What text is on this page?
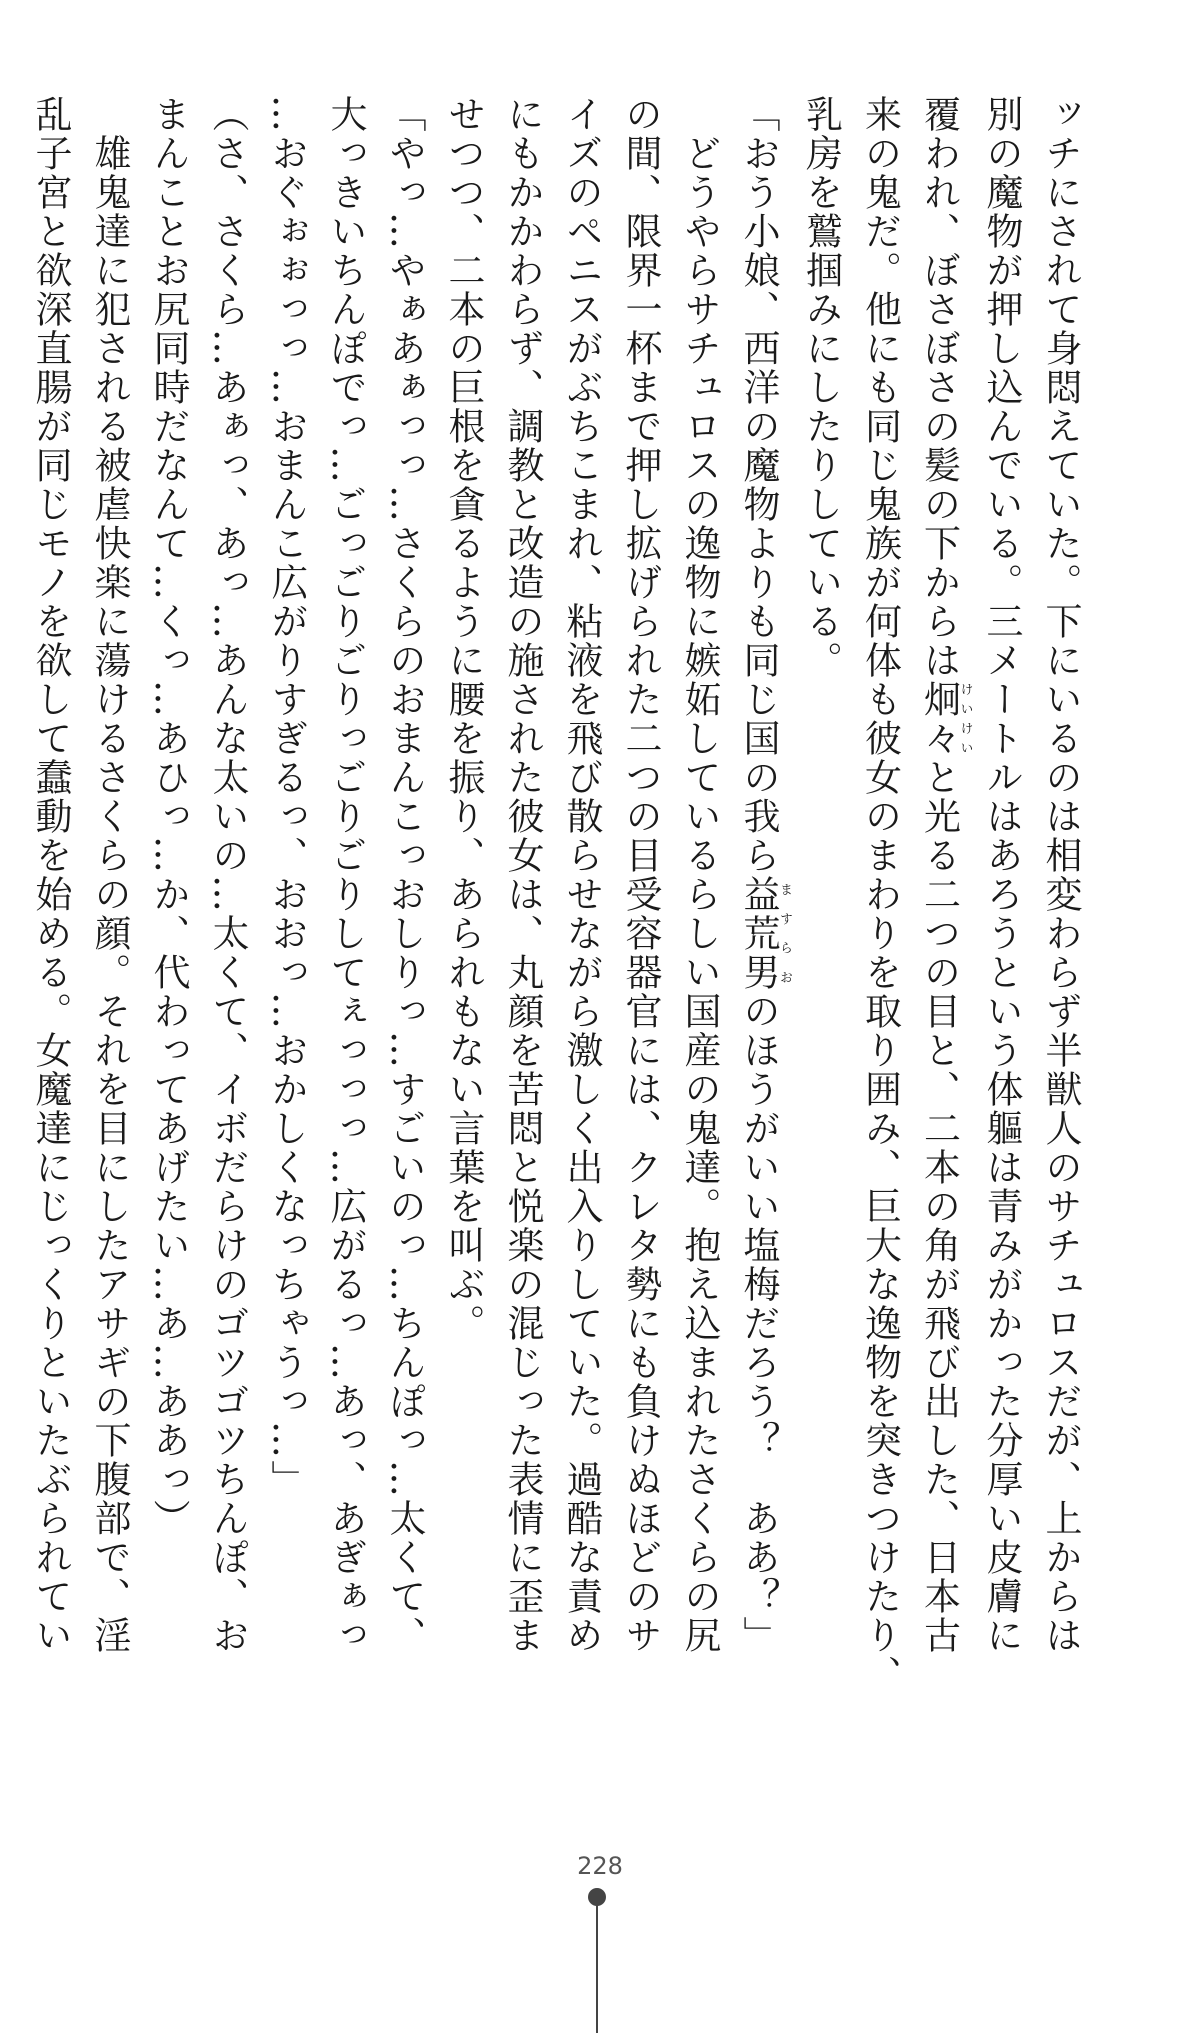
ッチにされて身悶えていた。下にいるのは相変わらず半獣人のサチュロスだが、上からは

別の魔物が押し込んでいる。三メートルはあろうという体軀は青みがかった分厚い皮膚に

覆われ、ぼさぼさの髪の下からは炯々けいけいと光る二つの目と、二本の角が飛び出した、日本古

来の鬼だ。他にも同じ鬼族が何体も彼女のまわりを取り囲み、巨大な逸物を突きつけたり、

乳房を鷲掴みにしたりしている。

「おう小娘、西洋の魔物よりも同じ国の我ら益荒男ますらおのほうがいい塩梅だろう？　ああ？」

　どうやらサチュロスの逸物に嫉妬しているらしい国産の鬼達。抱え込まれたさくらの尻

の間、限界一杯まで押し拡げられた二つの目受容器官には、クレタ勢にも負けぬほどのサ

イズのペニスがぶちこまれ、粘液を飛び散らせながら激しく出入りしていた。過酷な責め

にもかかわらず、調教と改造の施された彼女は、丸顔を苦悶と悦楽の混じった表情に歪ま

せつつ、二本の巨根を貪るように腰を振り、あられもない言葉を叫ぶ。

「やっ…やぁあぁっっ…さくらのおまんこっおしりっ…すごいのっ…ちんぽっ…太くて、

大っきいちんぽでっ…ごっごりごりっごりごりしてぇっっっ…広がるっ…あっ、あぎぁっ

…おぐぉぉっっ…おまんこ広がりすぎるっ、おおっ…おかしくなっちゃうっ…」

（さ、さくら…あぁっ、あっ…あんな太いの…太くて、イボだらけのゴツゴツちんぽ、お

まんことお尻同時だなんて…くっ…あひっ…か、代わってあげたい…あ…ああっ）

　雄鬼達に犯される被虐快楽に蕩けるさくらの顔。それを目にしたアサギの下腹部で、淫

乱子宮と欲深直腸が同じモノを欲して蠢動を始める。女魔達にじっくりといたぶられてい

228
